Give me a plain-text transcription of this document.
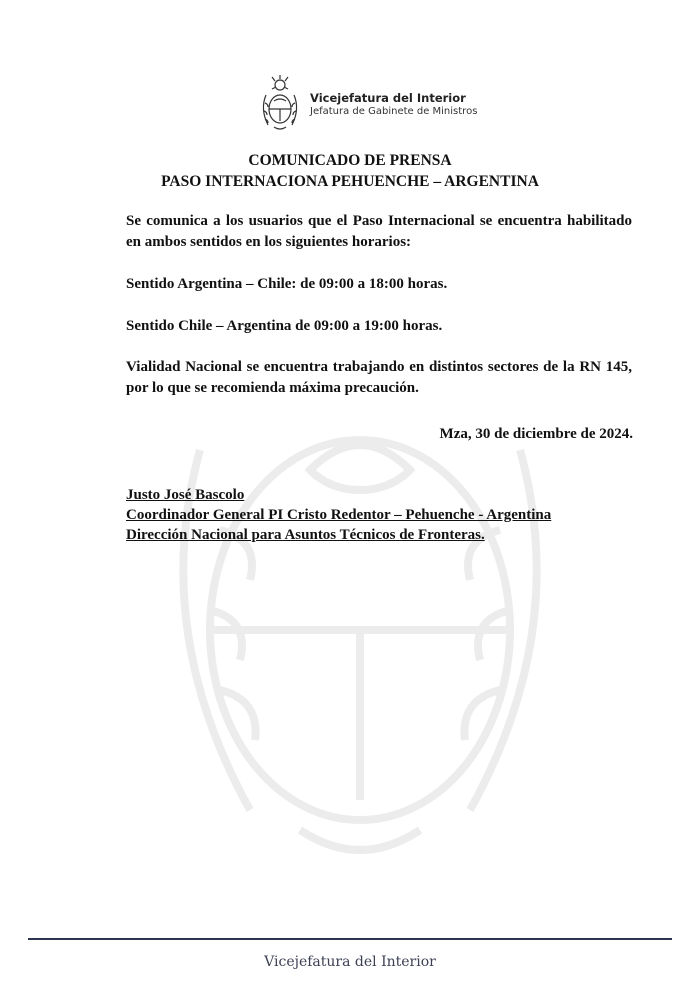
Vicejefatura del Interior
Jefatura de Gabinete de Ministros
COMUNICADO DE PRENSA
PASO INTERNACIONA PEHUENCHE – ARGENTINA
Se comunica a los usuarios que el Paso Internacional se encuentra habilitado en ambos sentidos en los siguientes horarios:
Sentido Argentina – Chile: de 09:00 a 18:00 horas.
Sentido Chile – Argentina de 09:00 a 19:00 horas.
Vialidad Nacional se encuentra trabajando en distintos sectores de la RN 145, por lo que se recomienda máxima precaución.
Mza, 30 de diciembre de 2024.
Justo José Bascolo
Coordinador General PI Cristo Redentor – Pehuenche - Argentina
Dirección Nacional para Asuntos Técnicos de Fronteras.
Vicejefatura del Interior
